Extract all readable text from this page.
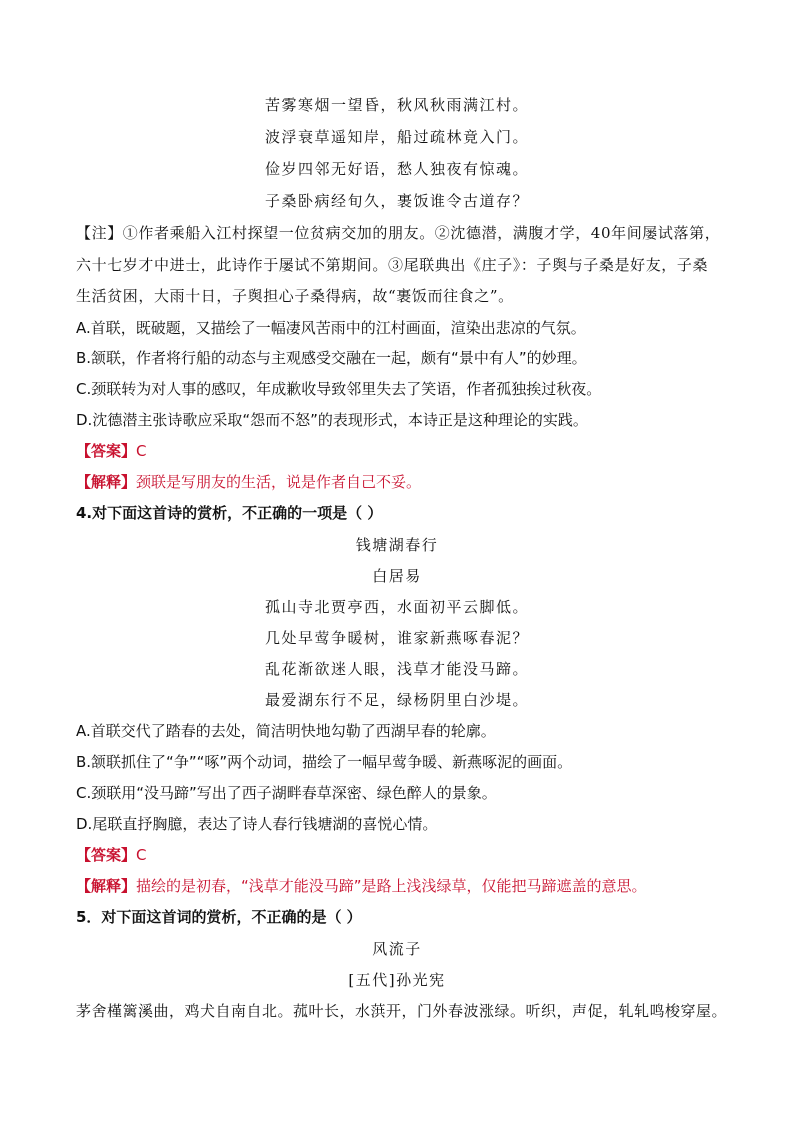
苦雾寒烟一望昏，秋风秋雨满江村。
波浮衰草遥知岸，船过疏林竟入门。
俭岁四邻无好语，愁人独夜有惊魂。
子桑卧病经旬久，裹饭谁令古道存？
【注】①作者乘船入江村探望一位贫病交加的朋友。②沈德潜，满腹才学，40年间屡试落第，
六十七岁才中进士，此诗作于屡试不第期间。③尾联典出《庄子》：子舆与子桑是好友，子桑
生活贫困，大雨十日，子舆担心子桑得病，故“裹饭而往食之”。
A.首联，既破题，又描绘了一幅凄风苦雨中的江村画面，渲染出悲凉的气氛。
B.颔联，作者将行船的动态与主观感受交融在一起，颇有“景中有人”的妙理。
C.颈联转为对人事的感叹，年成歉收导致邻里失去了笑语，作者孤独挨过秋夜。
D.沈德潜主张诗歌应采取“怨而不怒”的表现形式，本诗正是这种理论的实践。
【答案】C
【解释】颈联是写朋友的生活，说是作者自己不妥。
4.对下面这首诗的赏析，不正确的一项是（ ）
钱塘湖春行
白居易
孤山寺北贾亭西，水面初平云脚低。
几处早莺争暖树，谁家新燕啄春泥？
乱花渐欲迷人眼，浅草才能没马蹄。
最爱湖东行不足，绿杨阴里白沙堤。
A.首联交代了踏春的去处，简洁明快地勾勒了西湖早春的轮廓。
B.颔联抓住了“争”“啄”两个动词，描绘了一幅早莺争暖、新燕啄泥的画面。
C.颈联用“没马蹄”写出了西子湖畔春草深密、绿色醉人的景象。
D.尾联直抒胸臆，表达了诗人春行钱塘湖的喜悦心情。
【答案】C
【解释】描绘的是初春，“浅草才能没马蹄”是路上浅浅绿草，仅能把马蹄遮盖的意思。
5．对下面这首词的赏析，不正确的是（ ）
风流子
[五代]孙光宪
茅舍槿篱溪曲，鸡犬自南自北。菰叶长，水葓开，门外春波涨绿。听织，声促，轧轧鸣梭穿屋。
